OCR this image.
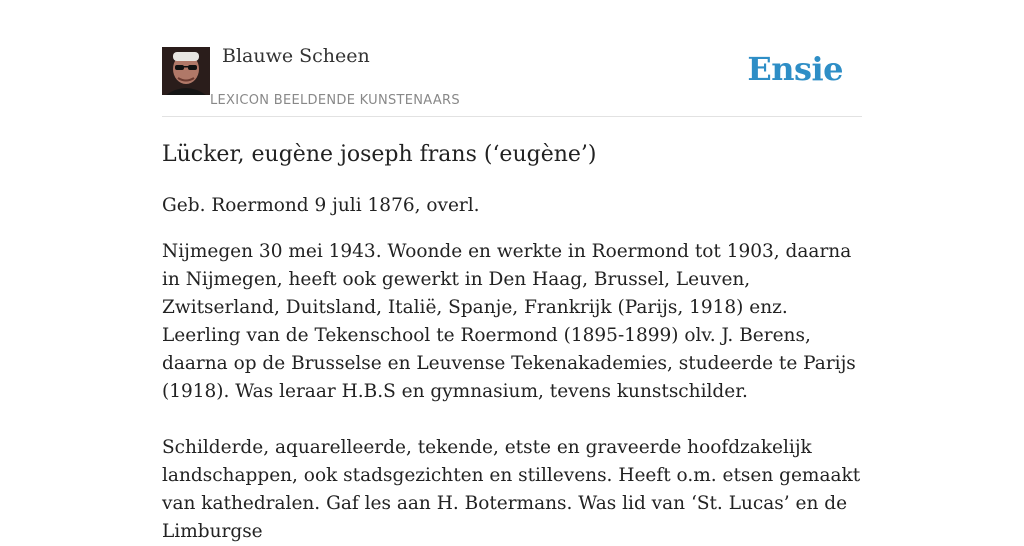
Blauwe Scheen
LEXICON BEELDENDE KUNSTENAARS
Ensie
Lücker, eugène joseph frans (‘eugène’)

Geb. Roermond 9 juli 1876, overl.

Nijmegen 30 mei 1943. Woonde en werkte in Roermond tot 1903, daarna in Nijmegen, heeft ook gewerkt in Den Haag, Brussel, Leuven, Zwitserland, Duitsland, Italië, Spanje, Frankrijk (Parijs, 1918) enz. Leerling van de Tekenschool te Roermond (1895-1899) olv. J. Berens, daarna op de Brusselse en Leuvense Tekenakademies, studeerde te Parijs (1918). Was leraar H.B.S en gymnasium, tevens kunstschilder.

Schilderde, aquarelleerde, tekende, etste en graveerde hoofdzakelijk landschappen, ook stadsgezichten en stillevens. Heeft o.m. etsen gemaakt van kathedralen. Gaf les aan H. Botermans. Was lid van ‘St. Lucas’ en de Limburgse
